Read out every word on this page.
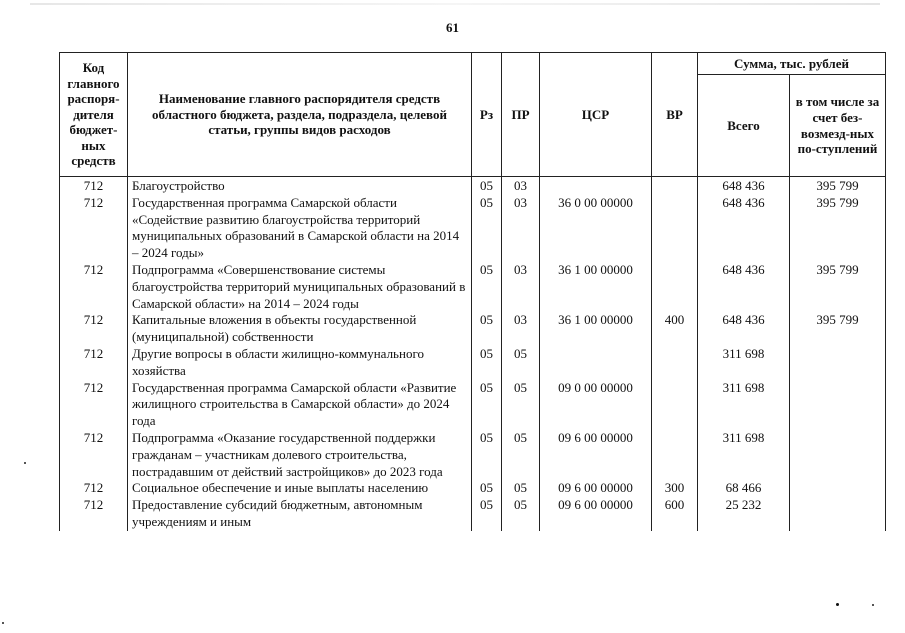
61
Код главного распоря-дителя бюджет-ных средств	Наименование главного распорядителя средств областного бюджета, раздела, подраздела, целевой статьи, группы видов расходов	Рз	ПР	ЦСР	ВР	Сумма, тыс. рублей	
						Всего	в том числе за счет без-возмезд-ных по-ступлений
712	Благоустройство	05	03			648 436	395 799
712	Государственная программа Самарской области «Содействие развитию благоустройства территорий муниципальных образований в Самарской области на 2014 – 2024 годы»	05	03	36 0 00 00000		648 436	395 799
712	Подпрограмма «Совершенствование системы благоустройства территорий муниципальных образований в Самарской области» на 2014 – 2024 годы	05	03	36 1 00 00000		648 436	395 799
712	Капитальные вложения в объекты государственной (муниципальной) собственности	05	03	36 1 00 00000	400	648 436	395 799
712	Другие вопросы в области жилищно-коммунального хозяйства	05	05			311 698	
712	Государственная программа Самарской области «Развитие жилищного строительства в Самарской области» до 2024 года	05	05	09 0 00 00000		311 698	
712	Подпрограмма «Оказание государственной поддержки гражданам – участникам долевого строительства, пострадавшим от действий застройщиков» до 2023 года	05	05	09 6 00 00000		311 698	
712	Социальное обеспечение и иные выплаты населению	05	05	09 6 00 00000	300	68 466	
712	Предоставление субсидий бюджетным, автономным учреждениям и иным	05	05	09 6 00 00000	600	25 232	
